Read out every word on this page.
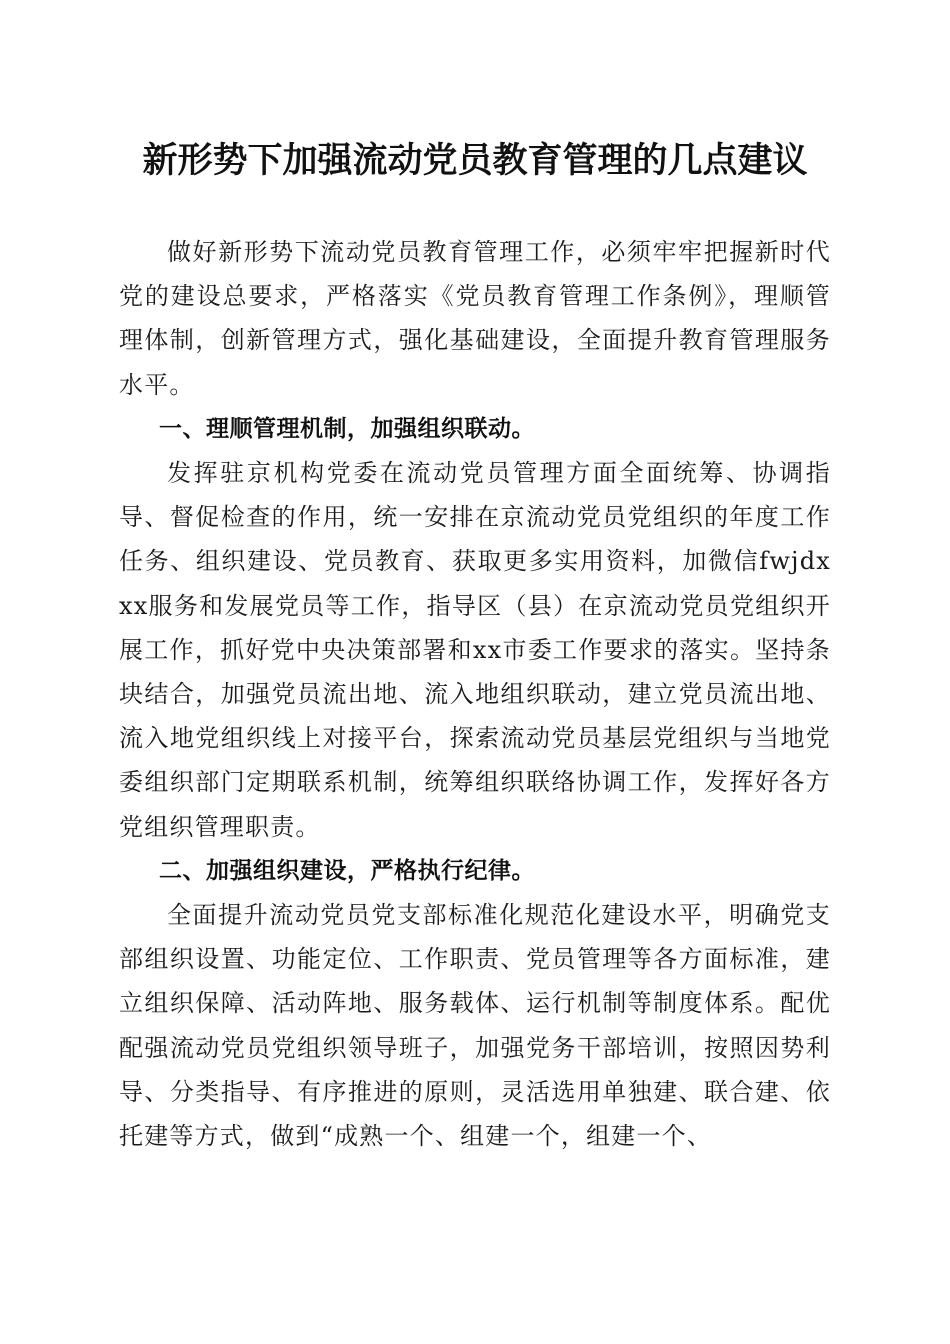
新形势下加强流动党员教育管理的几点建议

做好新形势下流动党员教育管理工作，必须牢牢把握新时代党的建设总要求，严格落实《党员教育管理工作条例》，理顺管理体制，创新管理方式，强化基础建设，全面提升教育管理服务水平。

一、理顺管理机制，加强组织联动。

发挥驻京机构党委在流动党员管理方面全面统筹、协调指导、督促检查的作用，统一安排在京流动党员党组织的年度工作任务、组织建设、党员教育、获取更多实用资料，加微信fwjdxxx服务和发展党员等工作，指导区（县）在京流动党员党组织开展工作，抓好党中央决策部署和xx市委工作要求的落实。坚持条块结合，加强党员流出地、流入地组织联动，建立党员流出地、流入地党组织线上对接平台，探索流动党员基层党组织与当地党委组织部门定期联系机制，统筹组织联络协调工作，发挥好各方党组织管理职责。

二、加强组织建设，严格执行纪律。

全面提升流动党员党支部标准化规范化建设水平，明确党支部组织设置、功能定位、工作职责、党员管理等各方面标准，建立组织保障、活动阵地、服务载体、运行机制等制度体系。配优配强流动党员党组织领导班子，加强党务干部培训，按照因势利导、分类指导、有序推进的原则，灵活选用单独建、联合建、依托建等方式，做到“成熟一个、组建一个，组建一个、
